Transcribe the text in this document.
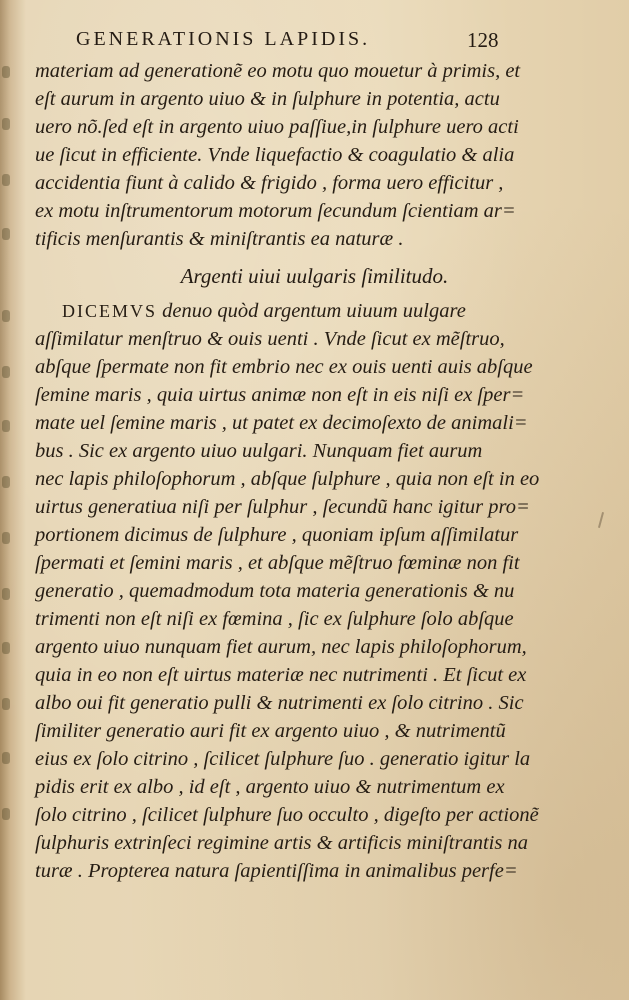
GENERATIONIS LAPIDIS.	128
materiam ad generationẽ eo motu quo mouetur à primis, et
eſt aurum in argento uiuo & in ſulphure in potentia, actu
uero nõ.ſed eſt in argento uiuo paſſiue,in ſulphure uero acti
ue ſicut in efficiente. Vnde liquefactio & coagulatio & alia
accidentia fiunt à calido & frigido , forma uero efficitur ,
ex motu inſtrumentorum motorum ſecundum ſcientiam ar=
tificis menſurantis & miniſtrantis ea naturæ .
Argenti uiui uulgaris ſimilitudo.
DICEMVS denuo quòd argentum uiuum uulgare
aſſimilatur menſtruo & ouis uenti . Vnde ſicut ex mẽſtruo,
abſque ſpermate non fit embrio nec ex ouis uenti auis abſque
ſemine maris , quia uirtus animæ non eſt in eis niſi ex ſper=
mate uel ſemine maris , ut patet ex decimoſexto de animali=
bus . Sic ex argento uiuo uulgari. Nunquam fiet aurum
nec lapis philoſophorum , abſque ſulphure , quia non eſt in eo
uirtus generatiua niſi per ſulphur , ſecundũ hanc igitur pro=
portionem dicimus de ſulphure , quoniam ipſum aſſimilatur
ſpermati et ſemini maris , et abſque mẽſtruo fœminæ non fit
generatio , quemadmodum tota materia generationis & nu
trimenti non eſt niſi ex fœmina , ſic ex ſulphure ſolo abſque
argento uiuo nunquam fiet aurum, nec lapis philoſophorum,
quia in eo non eſt uirtus materiæ nec nutrimenti . Et ſicut ex
albo oui fit generatio pulli & nutrimenti ex ſolo citrino . Sic
ſimiliter generatio auri fit ex argento uiuo , & nutrimentũ
eius ex ſolo citrino , ſcilicet ſulphure ſuo . generatio igitur la
pidis erit ex albo , id eſt , argento uiuo & nutrimentum ex
ſolo citrino , ſcilicet ſulphure ſuo occulto , digeſto per actionẽ
ſulphuris extrinſeci regimine artis & artificis miniſtrantis na
turæ . Propterea natura ſapientiſſima in animalibus perfe=
